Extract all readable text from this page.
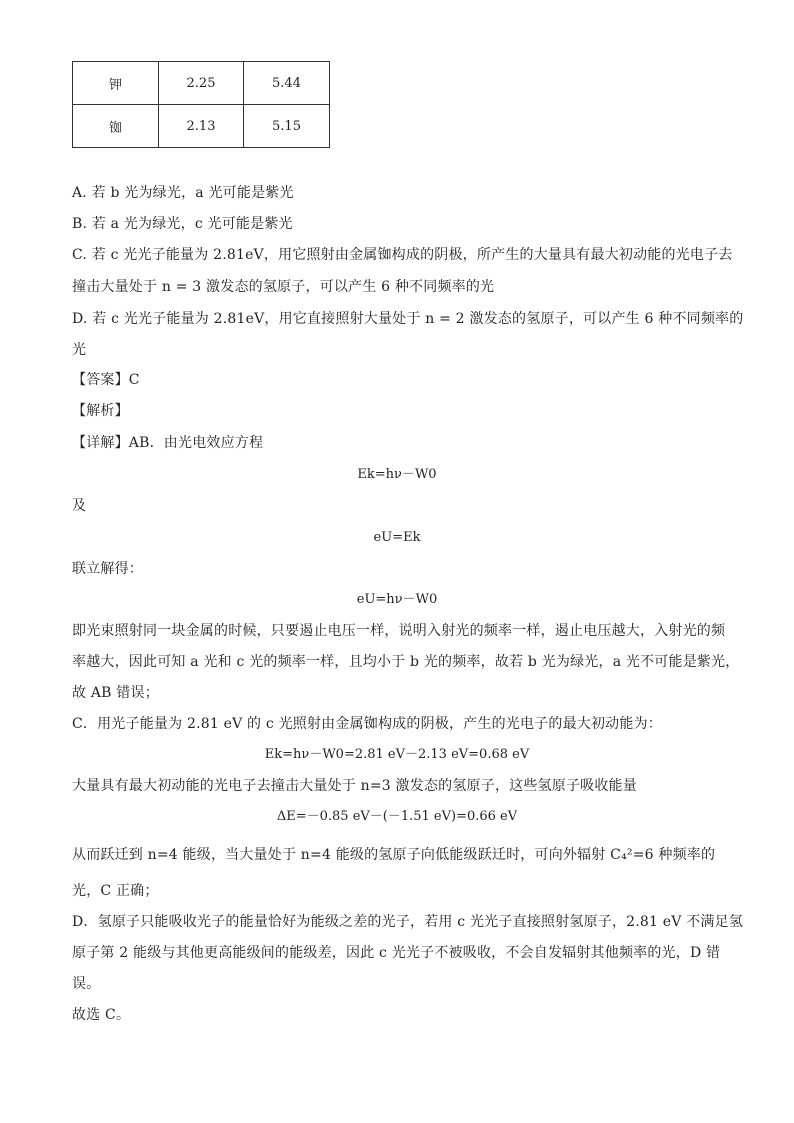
钾	2.25	5.44
铷	2.13	5.15
A. 若 b 光为绿光，a 光可能是紫光
B. 若 a 光为绿光，c 光可能是紫光
C. 若 c 光光子能量为 2.81eV，用它照射由金属铷构成的阴极，所产生的大量具有最大初动能的光电子去
撞击大量处于 n = 3 激发态的氢原子，可以产生 6 种不同频率的光
D. 若 c 光光子能量为 2.81eV，用它直接照射大量处于 n = 2 激发态的氢原子，可以产生 6 种不同频率的
光
【答案】C
【解析】
【详解】AB．由光电效应方程
Ek=hν－W0
及
eU=Ek
联立解得：
eU=hν－W0
即光束照射同一块金属的时候，只要遏止电压一样，说明入射光的频率一样，遏止电压越大，入射光的频
率越大，因此可知 a 光和 c 光的频率一样，且均小于 b 光的频率，故若 b 光为绿光，a 光不可能是紫光，
故 AB 错误；
C．用光子能量为 2.81 eV 的 c 光照射由金属铷构成的阴极，产生的光电子的最大初动能为：
Ek=hν－W0=2.81 eV－2.13 eV=0.68 eV
大量具有最大初动能的光电子去撞击大量处于 n=3 激发态的氢原子，这些氢原子吸收能量
ΔE=－0.85 eV－(－1.51 eV)=0.66 eV
从而跃迁到 n=4 能级，当大量处于 n=4 能级的氢原子向低能级跃迁时，可向外辐射 C₄²=6 种频率的
光，C 正确；
D．氢原子只能吸收光子的能量恰好为能级之差的光子，若用 c 光光子直接照射氢原子，2.81 eV 不满足氢
原子第 2 能级与其他更高能级间的能级差，因此 c 光光子不被吸收，不会自发辐射其他频率的光，D 错
误。
故选 C。
